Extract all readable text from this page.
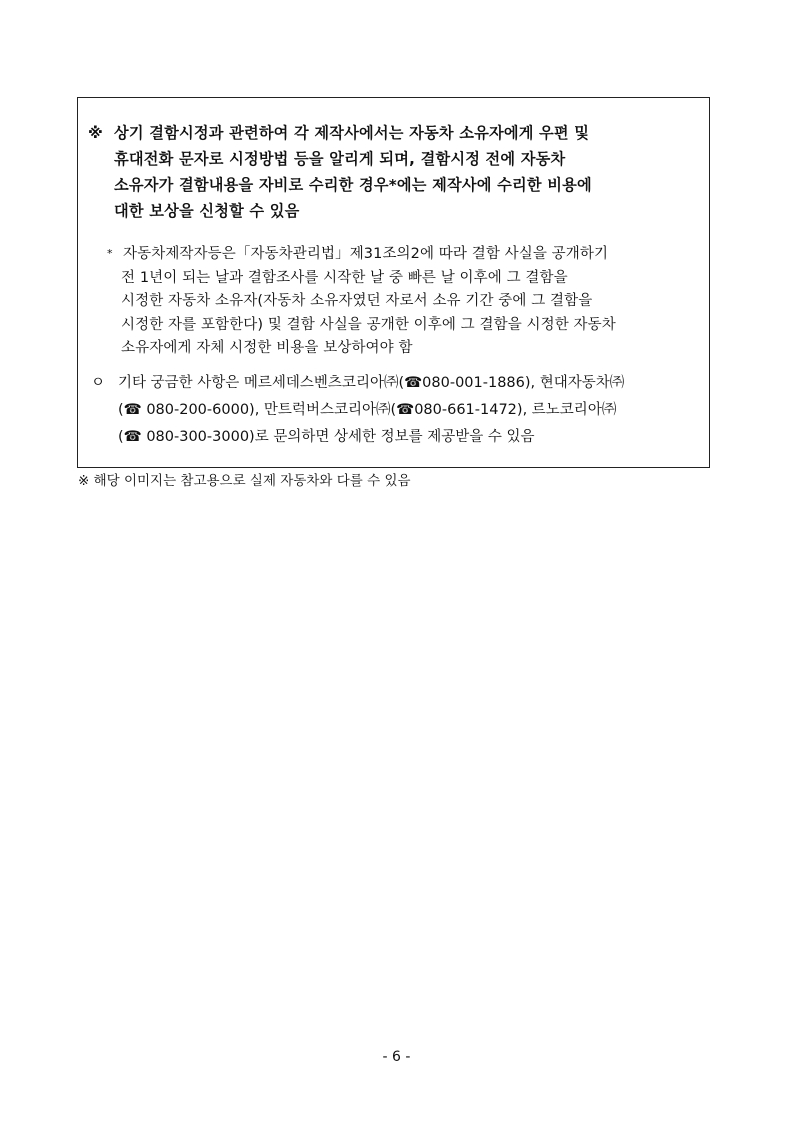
※ 상기 결함시정과 관련하여 각 제작사에서는 자동차 소유자에게 우편 및
휴대전화 문자로 시정방법 등을 알리게 되며, 결함시정 전에 자동차
소유자가 결함내용을 자비로 수리한 경우*에는 제작사에 수리한 비용에
대한 보상을 신청할 수 있음
* 자동차제작자등은「자동차관리법」제31조의2에 따라 결함 사실을 공개하기
전 1년이 되는 날과 결함조사를 시작한 날 중 빠른 날 이후에 그 결함을
시정한 자동차 소유자(자동차 소유자였던 자로서 소유 기간 중에 그 결함을
시정한 자를 포함한다) 및 결함 사실을 공개한 이후에 그 결함을 시정한 자동차
소유자에게 자체 시정한 비용을 보상하여야 함
ㅇ 기타 궁금한 사항은 메르세데스벤츠코리아㈜(☎080-001-1886), 현대자동차㈜
(☎ 080-200-6000), 만트럭버스코리아㈜(☎080-661-1472), 르노코리아㈜
(☎ 080-300-3000)로 문의하면 상세한 정보를 제공받을 수 있음
※ 해당 이미지는 참고용으로 실제 자동차와 다를 수 있음
- 6 -
